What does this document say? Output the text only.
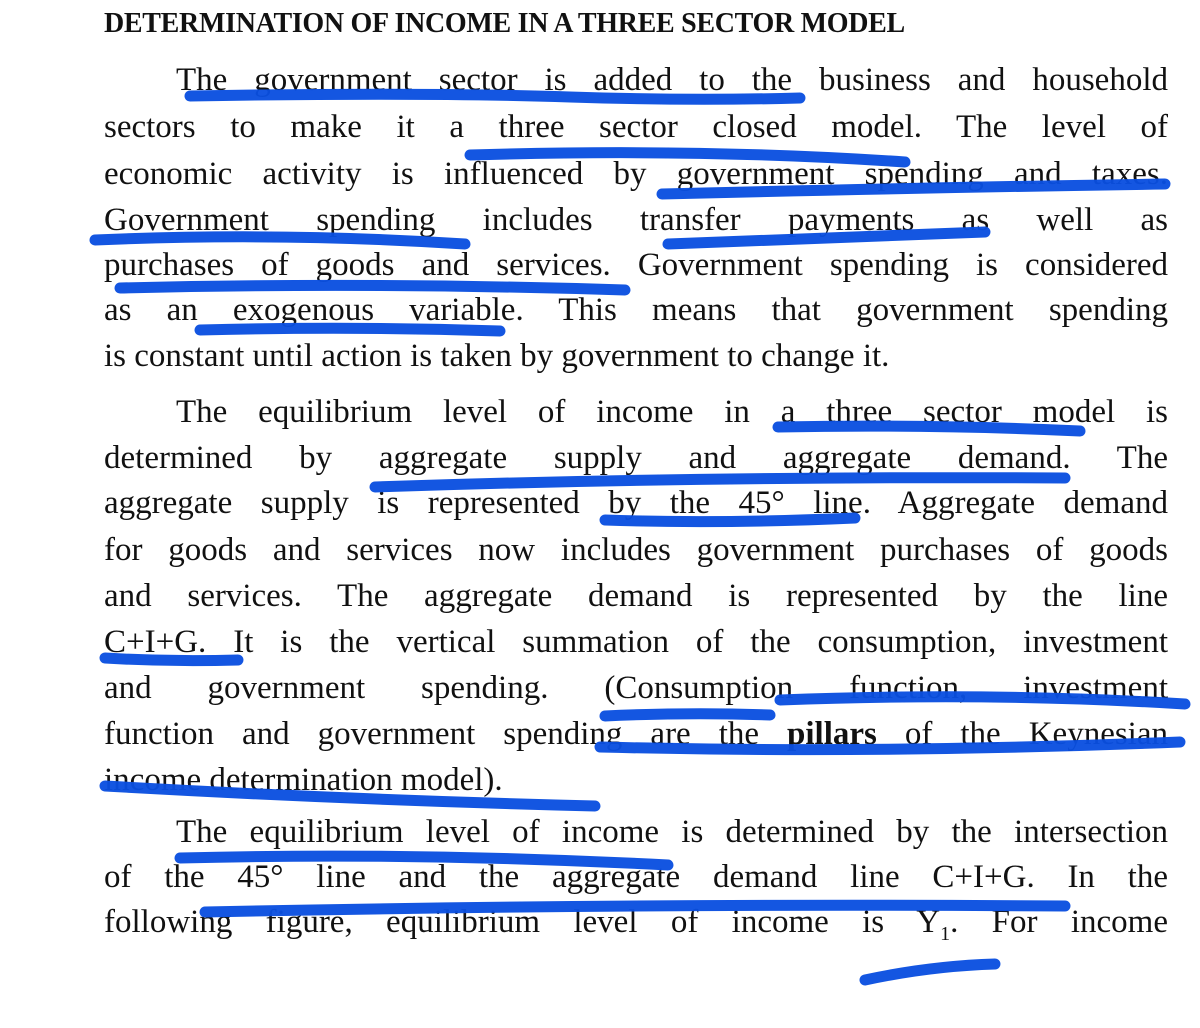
DETERMINATION OF INCOME IN A THREE SECTOR MODEL
The government sector is added to the business and household
sectors to make it a three sector closed model. The level of
economic activity is influenced by government spending and taxes.
Government spending includes transfer payments as well as
purchases of goods and services. Government spending is considered
as an exogenous variable. This means that government spending
is constant until action is taken by government to change it.
The equilibrium level of income in a three sector model is
determined by aggregate supply and aggregate demand. The
aggregate supply is represented by the 45° line. Aggregate demand
for goods and services now includes government purchases of goods
and services. The aggregate demand is represented by the line
C+I+G. It is the vertical summation of the consumption, investment
and government spending. (Consumption function, investment
function and government spending are the pillars of the Keynesian
income determination model).
The equilibrium level of income is determined by the intersection
of the 45° line and the aggregate demand line C+I+G. In the
following figure, equilibrium level of income is $Y_1$. For income
